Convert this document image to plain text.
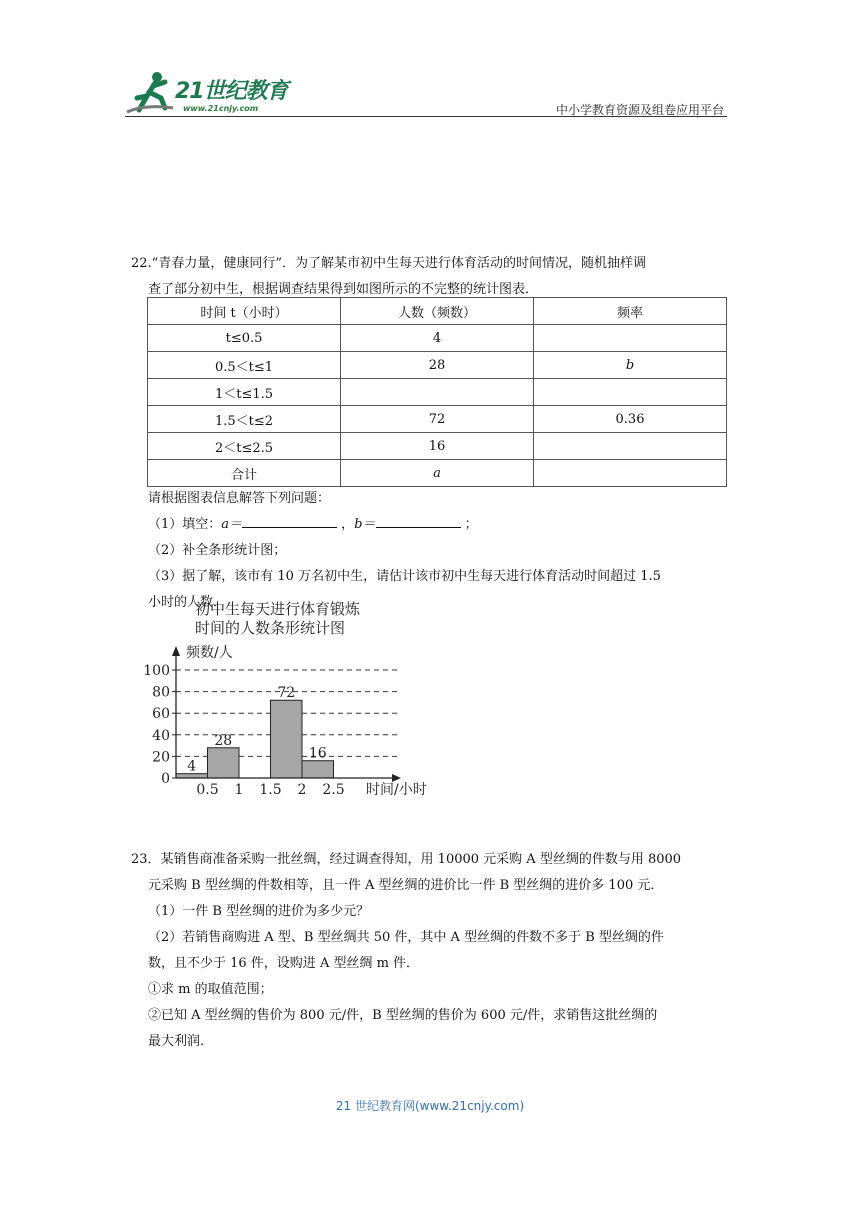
21世纪教育
www.21cnjy.com	中小学教育资源及组卷应用平台

22.“青春力量，健康同行”．为了解某市初中生每天进行体育活动的时间情况，随机抽样调

查了部分初中生，根据调查结果得到如图所示的不完整的统计图表．

时间 t（小时）	人数（频数）	频率
t≤0.5	4	
0.5＜t≤1	28	b
1＜t≤1.5		
1.5＜t≤2	72	0.36
2＜t≤2.5	16	
合计	a	

请根据图表信息解答下列问题：

（1）填空：a＝	，b＝	；

（2）补全条形统计图；

（3）据了解，该市有 10 万名初中生，请估计该市初中生每天进行体育活动时间超过 1.5

小时的人数．

初中生每天进行体育锻炼
时间的人数条形统计图
频数/人
时间/小时
0
20
40
60
80
100
4
28
72
16
0.5 1 1.5 2 2.5

23．某销售商准备采购一批丝绸，经过调查得知，用 10000 元采购 A 型丝绸的件数与用 8000

元采购 B 型丝绸的件数相等，且一件 A 型丝绸的进价比一件 B 型丝绸的进价多 100 元．

（1）一件 B 型丝绸的进价为多少元？

（2）若销售商购进 A 型、B 型丝绸共 50 件，其中 A 型丝绸的件数不多于 B 型丝绸的件

数，且不少于 16 件，设购进 A 型丝绸 m 件．

①求 m 的取值范围；

②已知 A 型丝绸的售价为 800 元/件，B 型丝绸的售价为 600 元/件，求销售这批丝绸的

最大利润．

21 世纪教育网(www.21cnjy.com)
